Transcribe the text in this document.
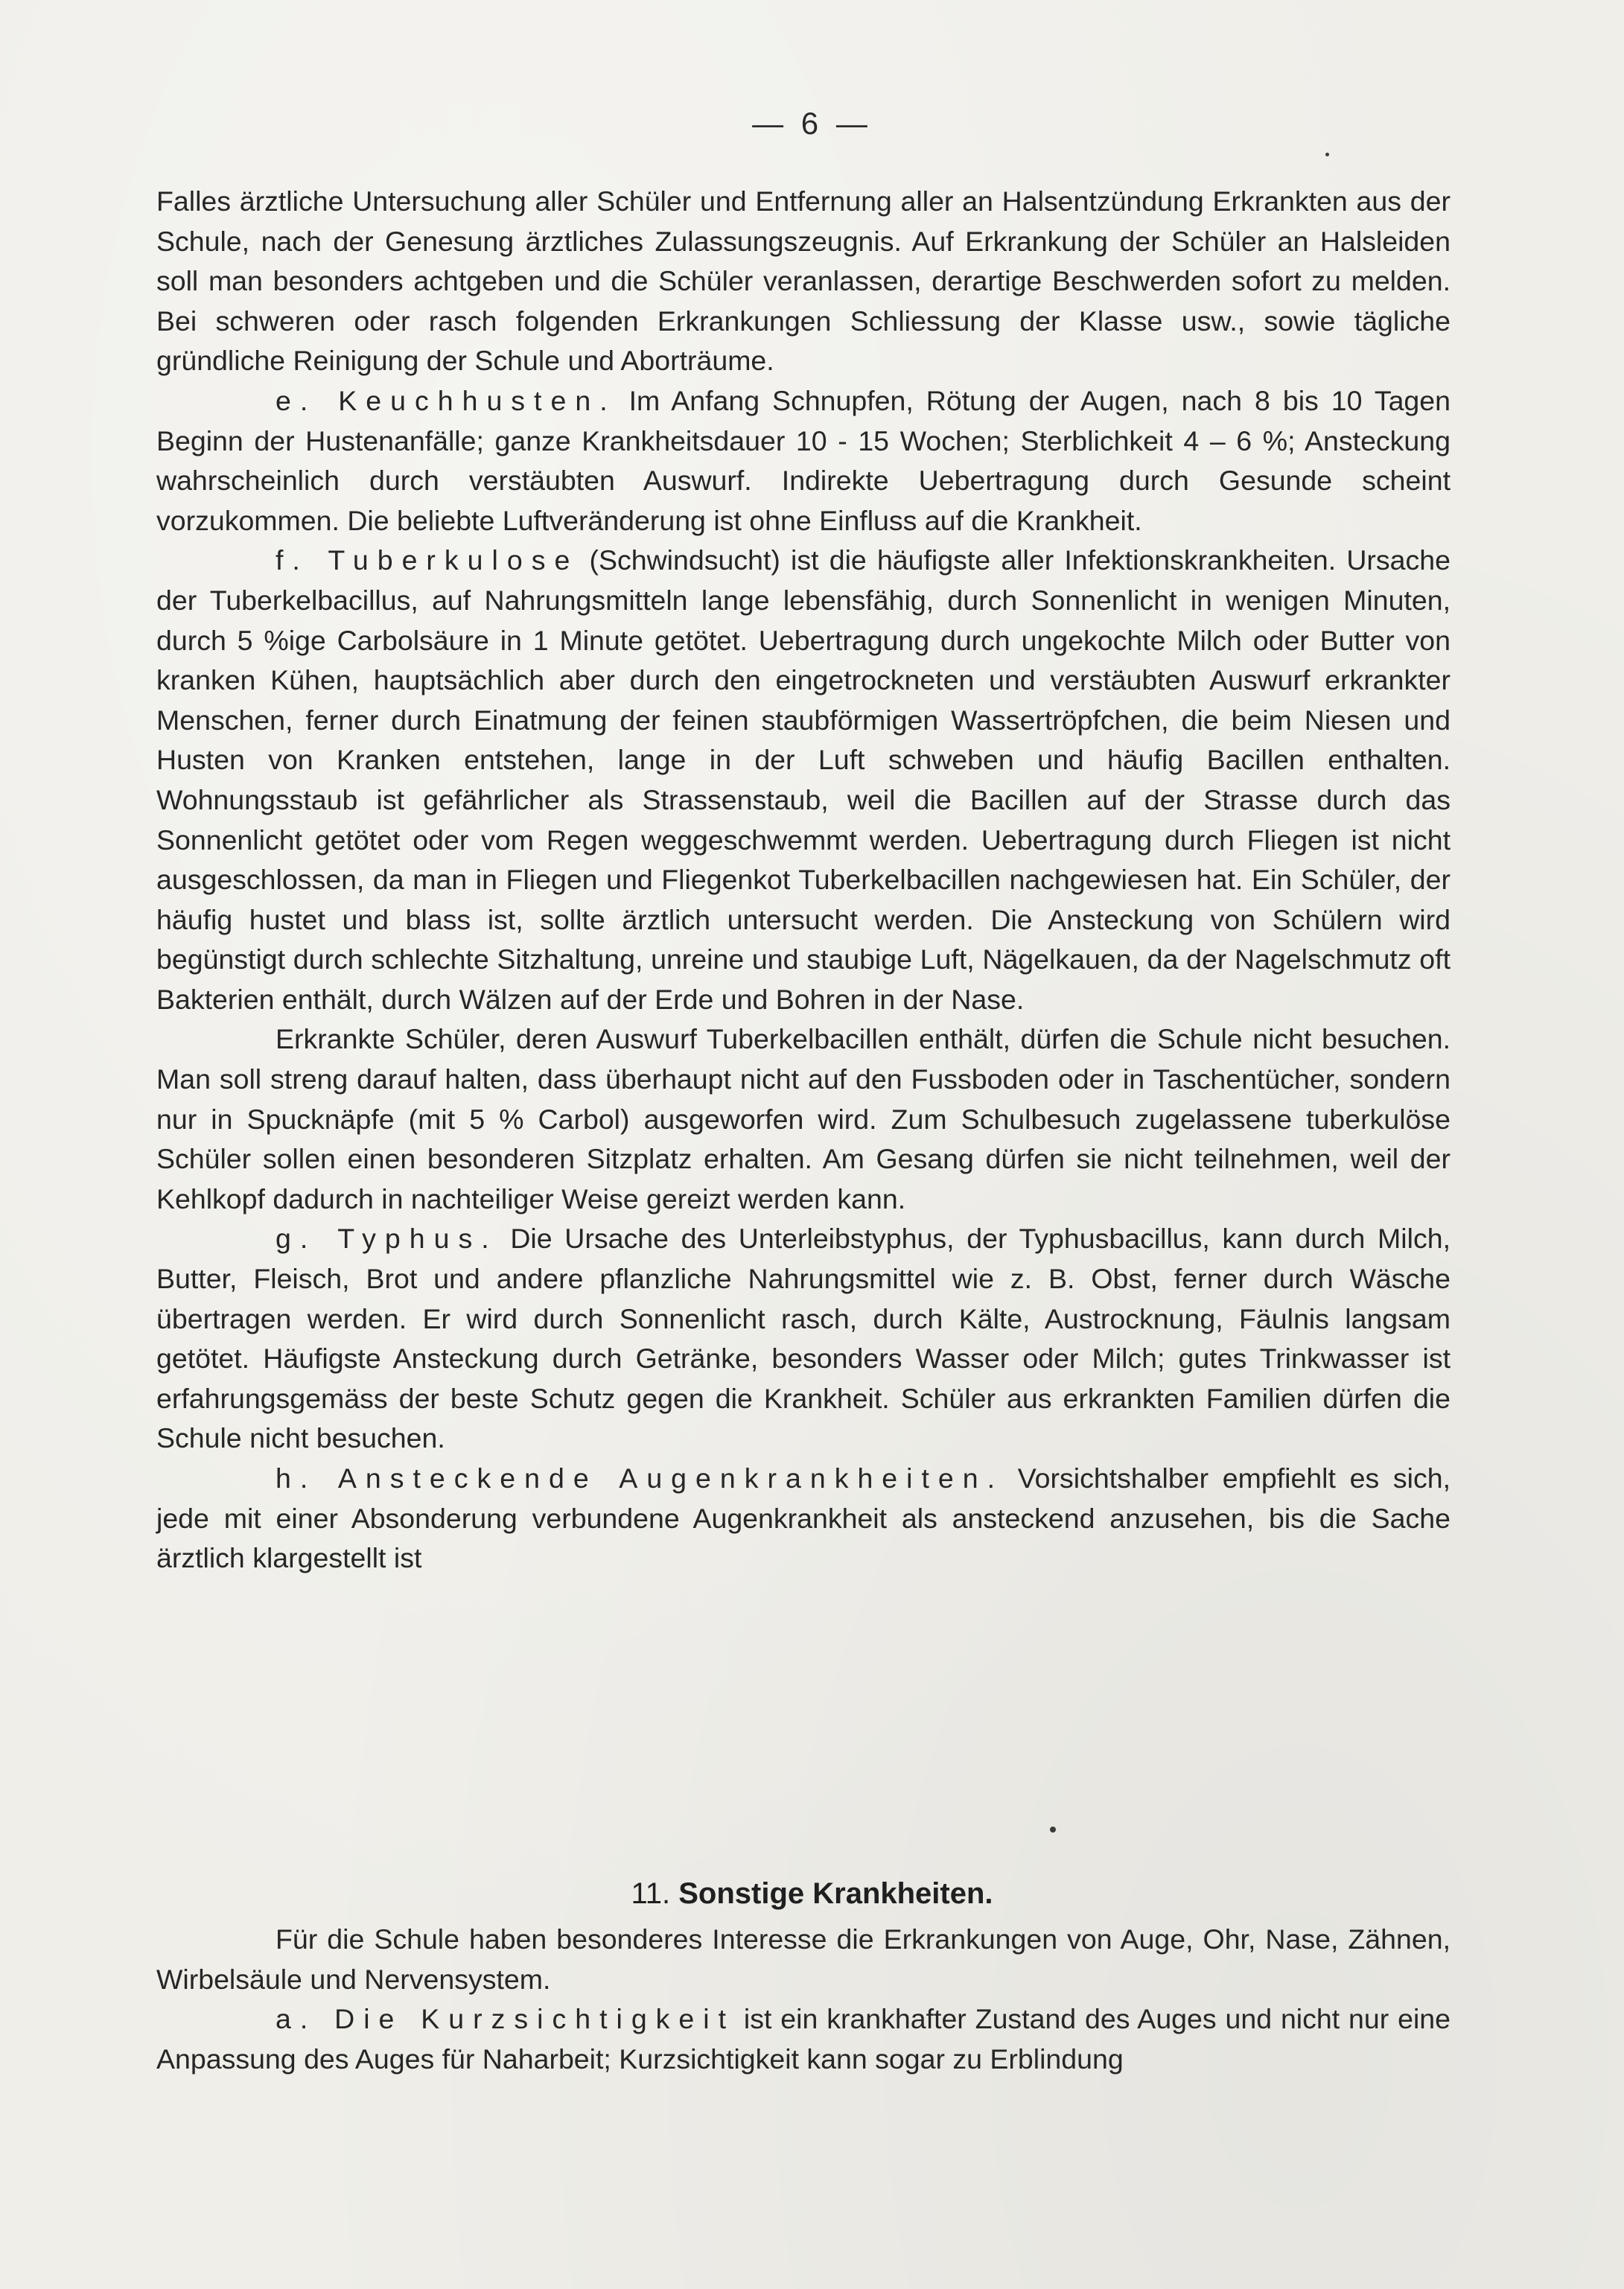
— 6 —

Falles ärztliche Untersuchung aller Schüler und Entfernung aller an Halsentzündung Erkrankten aus der Schule, nach der Genesung ärztliches Zulassungszeugnis. Auf Erkrankung der Schüler an Halsleiden soll man besonders achtgeben und die Schüler veranlassen, derartige Beschwerden sofort zu melden. Bei schweren oder rasch folgenden Erkrankungen Schliessung der Klasse usw., sowie tägliche gründliche Reinigung der Schule und Aborträume.

e. Keuchhusten. Im Anfang Schnupfen, Rötung der Augen, nach 8 bis 10 Tagen Beginn der Hustenanfälle; ganze Krankheitsdauer 10 - 15 Wochen; Sterblichkeit 4 – 6 %; Ansteckung wahrscheinlich durch verstäubten Auswurf. Indirekte Uebertragung durch Gesunde scheint vorzukommen. Die beliebte Luftveränderung ist ohne Einfluss auf die Krankheit.

f. Tuberkulose (Schwindsucht) ist die häufigste aller Infektionskrankheiten. Ursache der Tuberkelbacillus, auf Nahrungsmitteln lange lebensfähig, durch Sonnenlicht in wenigen Minuten, durch 5 %ige Carbolsäure in 1 Minute getötet. Uebertragung durch ungekochte Milch oder Butter von kranken Kühen, hauptsächlich aber durch den eingetrockneten und verstäubten Auswurf erkrankter Menschen, ferner durch Einatmung der feinen staubförmigen Wassertröpfchen, die beim Niesen und Husten von Kranken entstehen, lange in der Luft schweben und häufig Bacillen enthalten. Wohnungsstaub ist gefährlicher als Strassenstaub, weil die Bacillen auf der Strasse durch das Sonnenlicht getötet oder vom Regen weggeschwemmt werden. Uebertragung durch Fliegen ist nicht ausgeschlossen, da man in Fliegen und Fliegenkot Tuberkelbacillen nachgewiesen hat. Ein Schüler, der häufig hustet und blass ist, sollte ärztlich untersucht werden. Die Ansteckung von Schülern wird begünstigt durch schlechte Sitzhaltung, unreine und staubige Luft, Nägelkauen, da der Nagelschmutz oft Bakterien enthält, durch Wälzen auf der Erde und Bohren in der Nase.

Erkrankte Schüler, deren Auswurf Tuberkelbacillen enthält, dürfen die Schule nicht besuchen. Man soll streng darauf halten, dass überhaupt nicht auf den Fussboden oder in Taschentücher, sondern nur in Spucknäpfe (mit 5 % Carbol) ausgeworfen wird. Zum Schulbesuch zugelassene tuberkulöse Schüler sollen einen besonderen Sitzplatz erhalten. Am Gesang dürfen sie nicht teilnehmen, weil der Kehlkopf dadurch in nachteiliger Weise gereizt werden kann.

g. Typhus. Die Ursache des Unterleibstyphus, der Typhusbacillus, kann durch Milch, Butter, Fleisch, Brot und andere pflanzliche Nahrungsmittel wie z. B. Obst, ferner durch Wäsche übertragen werden. Er wird durch Sonnenlicht rasch, durch Kälte, Austrocknung, Fäulnis langsam getötet. Häufigste Ansteckung durch Getränke, besonders Wasser oder Milch; gutes Trinkwasser ist erfahrungsgemäss der beste Schutz gegen die Krankheit. Schüler aus erkrankten Familien dürfen die Schule nicht besuchen.

h. Ansteckende Augenkrankheiten. Vorsichtshalber empfiehlt es sich, jede mit einer Absonderung verbundene Augenkrankheit als ansteckend anzusehen, bis die Sache ärztlich klargestellt ist

11. Sonstige Krankheiten.

Für die Schule haben besonderes Interesse die Erkrankungen von Auge, Ohr, Nase, Zähnen, Wirbelsäule und Nervensystem.

a. Die Kurzsichtigkeit ist ein krankhafter Zustand des Auges und nicht nur eine Anpassung des Auges für Naharbeit; Kurzsichtigkeit kann sogar zu Erblindung
